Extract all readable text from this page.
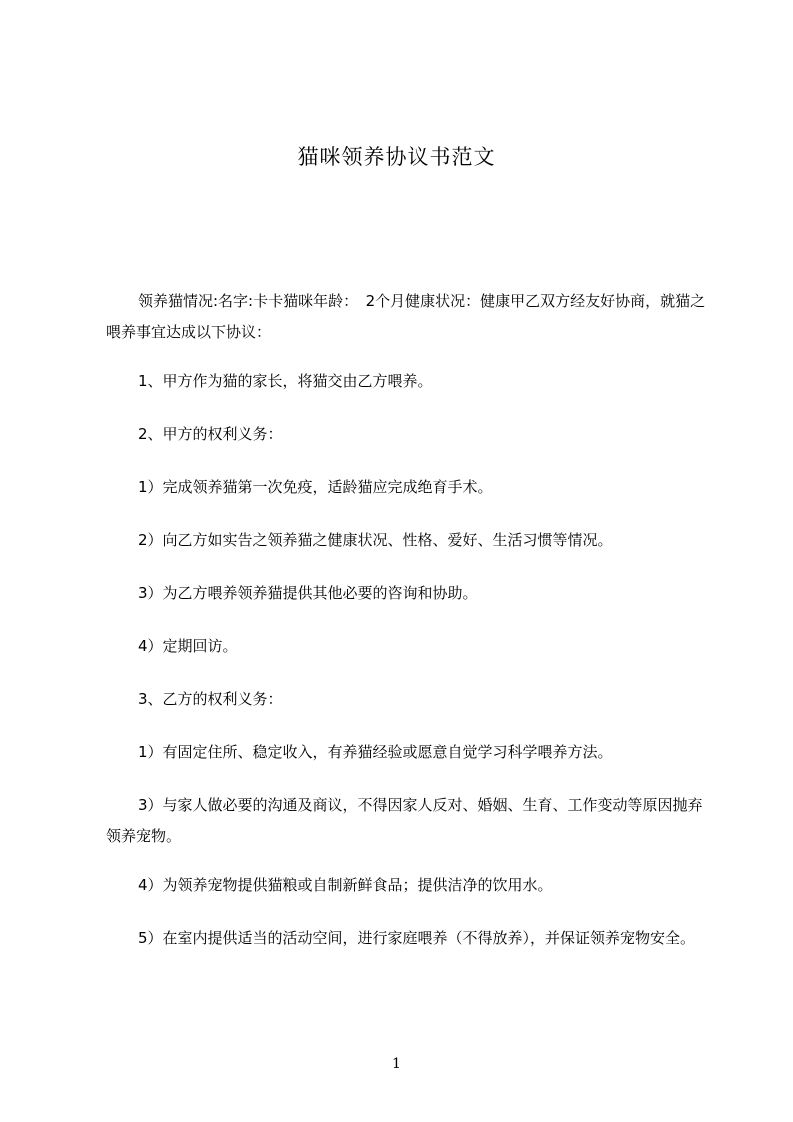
猫咪领养协议书范文

领养猫情况:名字:卡卡猫咪年龄：　2个月健康状况：健康甲乙双方经友好协商，就猫之喂养事宜达成以下协议：

1、甲方作为猫的家长，将猫交由乙方喂养。

2、甲方的权利义务：

1）完成领养猫第一次免疫，适龄猫应完成绝育手术。

2）向乙方如实告之领养猫之健康状况、性格、爱好、生活习惯等情况。

3）为乙方喂养领养猫提供其他必要的咨询和协助。

4）定期回访。

3、乙方的权利义务：

1）有固定住所、稳定收入，有养猫经验或愿意自觉学习科学喂养方法。

3）与家人做必要的沟通及商议，不得因家人反对、婚姻、生育、工作变动等原因抛弃领养宠物。

4）为领养宠物提供猫粮或自制新鲜食品；提供洁净的饮用水。

5）在室内提供适当的活动空间，进行家庭喂养（不得放养），并保证领养宠物安全。

1
